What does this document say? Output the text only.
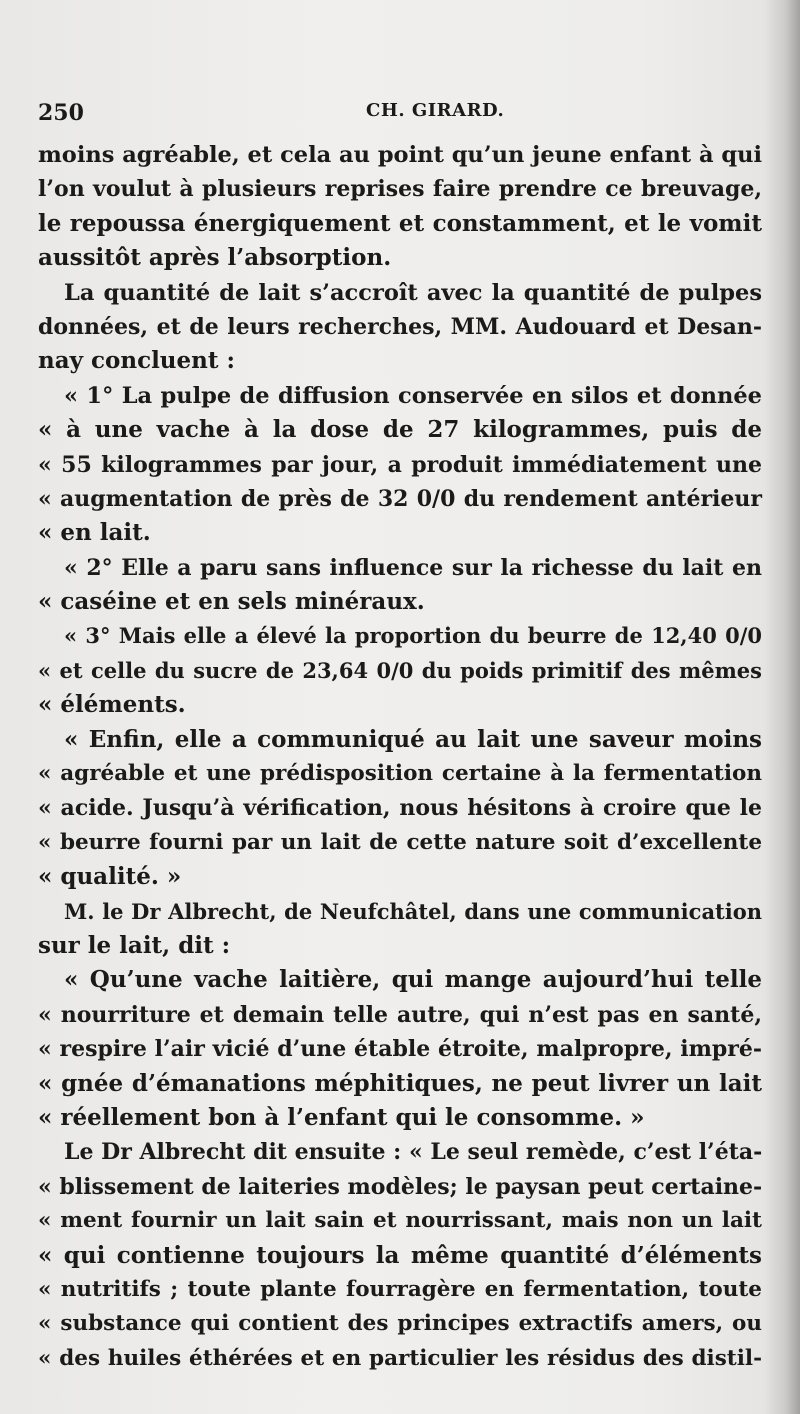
250	CH. GIRARD.
moins agréable, et cela au point qu’un jeune enfant à qui
l’on voulut à plusieurs reprises faire prendre ce breuvage,
le repoussa énergiquement et constamment, et le vomit
aussitôt après l’absorption.
La quantité de lait s’accroît avec la quantité de pulpes
données, et de leurs recherches, MM. Audouard et Desan-
nay concluent :
« 1° La pulpe de diffusion conservée en silos et donnée
« à une vache à la dose de 27 kilogrammes, puis de
« 55 kilogrammes par jour, a produit immédiatement une
« augmentation de près de 32 0/0 du rendement antérieur
« en lait.
« 2° Elle a paru sans influence sur la richesse du lait en
« caséine et en sels minéraux.
« 3° Mais elle a élevé la proportion du beurre de 12,40 0/0
« et celle du sucre de 23,64 0/0 du poids primitif des mêmes
« éléments.
« Enfin, elle a communiqué au lait une saveur moins
« agréable et une prédisposition certaine à la fermentation
« acide. Jusqu’à vérification, nous hésitons à croire que le
« beurre fourni par un lait de cette nature soit d’excellente
« qualité. »
M. le Dr Albrecht, de Neufchâtel, dans une communication
sur le lait, dit :
« Qu’une vache laitière, qui mange aujourd’hui telle
« nourriture et demain telle autre, qui n’est pas en santé,
« respire l’air vicié d’une étable étroite, malpropre, impré-
« gnée d’émanations méphitiques, ne peut livrer un lait
« réellement bon à l’enfant qui le consomme. »
Le Dr Albrecht dit ensuite : « Le seul remède, c’est l’éta-
« blissement de laiteries modèles; le paysan peut certaine-
« ment fournir un lait sain et nourrissant, mais non un lait
« qui contienne toujours la même quantité d’éléments
« nutritifs ; toute plante fourragère en fermentation, toute
« substance qui contient des principes extractifs amers, ou
« des huiles éthérées et en particulier les résidus des distil-
